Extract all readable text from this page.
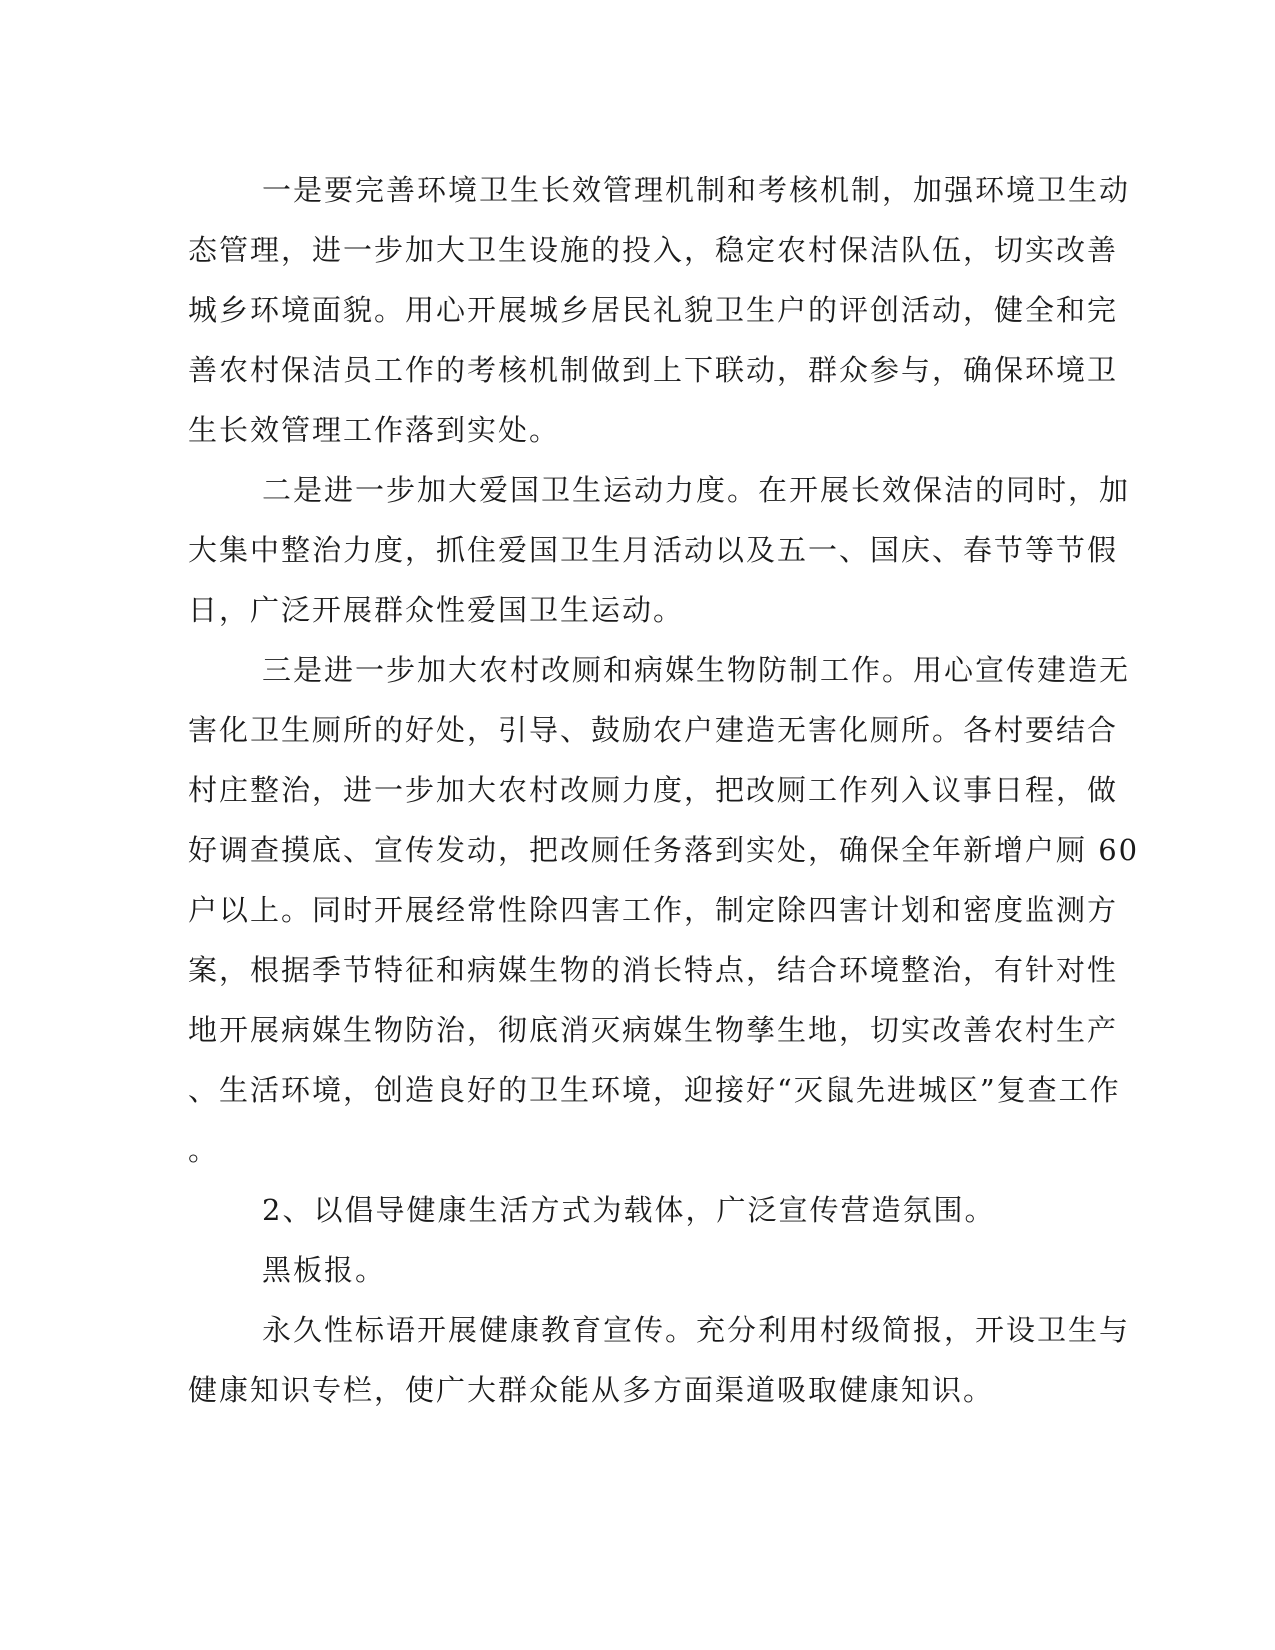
一是要完善环境卫生长效管理机制和考核机制，加强环境卫生动
态管理，进一步加大卫生设施的投入，稳定农村保洁队伍，切实改善
城乡环境面貌。用心开展城乡居民礼貌卫生户的评创活动，健全和完
善农村保洁员工作的考核机制做到上下联动，群众参与，确保环境卫
生长效管理工作落到实处。
二是进一步加大爱国卫生运动力度。在开展长效保洁的同时，加
大集中整治力度，抓住爱国卫生月活动以及五一、国庆、春节等节假
日，广泛开展群众性爱国卫生运动。
三是进一步加大农村改厕和病媒生物防制工作。用心宣传建造无
害化卫生厕所的好处，引导、鼓励农户建造无害化厕所。各村要结合
村庄整治，进一步加大农村改厕力度，把改厕工作列入议事日程，做
好调查摸底、宣传发动，把改厕任务落到实处，确保全年新增户厕 60
户以上。同时开展经常性除四害工作，制定除四害计划和密度监测方
案，根据季节特征和病媒生物的消长特点，结合环境整治，有针对性
地开展病媒生物防治，彻底消灭病媒生物孳生地，切实改善农村生产
、生活环境，创造良好的卫生环境，迎接好“灭鼠先进城区”复查工作
。
2、以倡导健康生活方式为载体，广泛宣传营造氛围。
黑板报。
永久性标语开展健康教育宣传。充分利用村级简报，开设卫生与
健康知识专栏，使广大群众能从多方面渠道吸取健康知识。
